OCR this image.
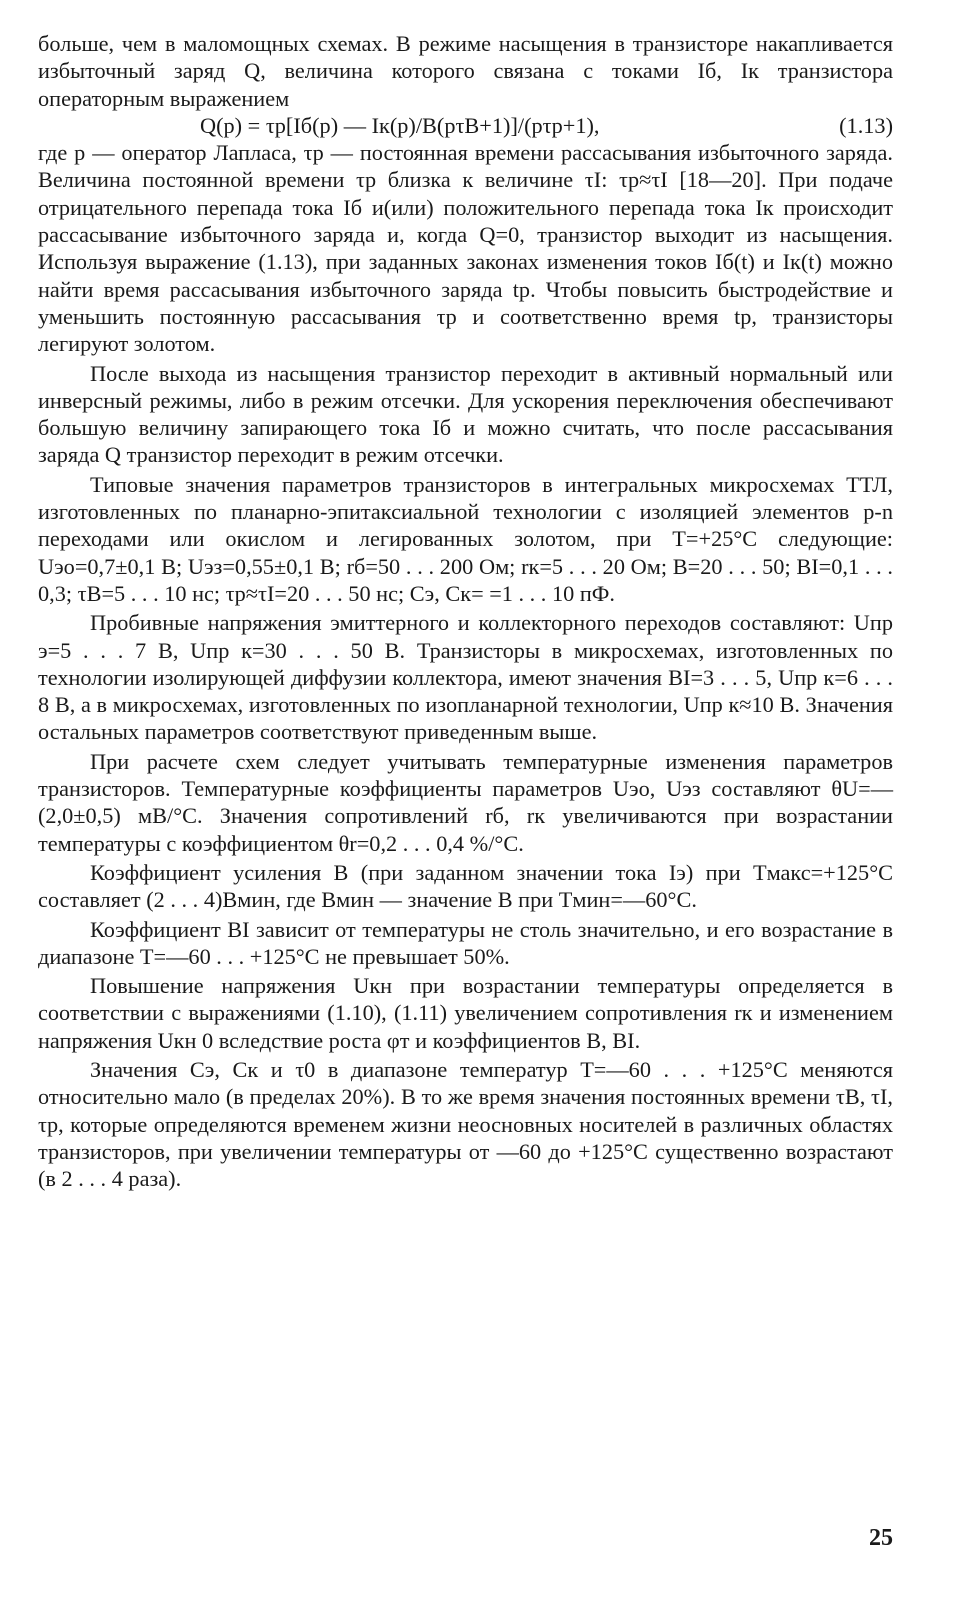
больше, чем в маломощных схемах. В режиме насыщения в транзисторе накапливается избыточный заряд Q, величина которого связана с токами Iб, Iк транзистора операторным выражением

Q(p) = τр[Iб(p) — Iк(p)/B(pτB+1)]/(pτр+1),	(1.13)

где p — оператор Лапласа, τр — постоянная времени рассасывания избыточного заряда. Величина постоянной времени τр близка к величине τI: τр≈τI [18—20]. При подаче отрицательного перепада тока Iб и(или) положительного перепада тока Iк происходит рассасывание избыточного заряда и, когда Q=0, транзистор выходит из насыщения. Используя выражение (1.13), при заданных законах изменения токов Iб(t) и Iк(t) можно найти время рассасывания избыточного заряда tр. Чтобы повысить быстродействие и уменьшить постоянную рассасывания τр и соответственно время tр, транзисторы легируют золотом.

После выхода из насыщения транзистор переходит в активный нормальный или инверсный режимы, либо в режим отсечки. Для ускорения переключения обеспечивают большую величину запирающего тока Iб и можно считать, что после рассасывания заряда Q транзистор переходит в режим отсечки.

Типовые значения параметров транзисторов в интегральных микросхемах ТТЛ, изготовленных по планарно-эпитаксиальной технологии с изоляцией элементов p-n переходами или окислом и легированных золотом, при T=+25°C следующие: Uэо=0,7±0,1 В; Uэз=0,55±0,1 В; rб=50 . . . 200 Ом; rк=5 . . . 20 Ом; B=20 . . . 50; BI=0,1 . . . 0,3; τB=5 . . . 10 нс; τр≈τI=20 . . . 50 нс; Cэ, Cк= =1 . . . 10 пФ.

Пробивные напряжения эмиттерного и коллекторного переходов составляют: Uпр э=5 . . . 7 В, Uпр к=30 . . . 50 В. Транзисторы в микросхемах, изготовленных по технологии изолирующей диффузии коллектора, имеют значения BI=3 . . . 5, Uпр к=6 . . . 8 В, а в микросхемах, изготовленных по изопланарной технологии, Uпр к≈10 В. Значения остальных параметров соответствуют приведенным выше.

При расчете схем следует учитывать температурные изменения параметров транзисторов. Температурные коэффициенты параметров Uэо, Uэз составляют θU=—(2,0±0,5) мВ/°C. Значения сопротивлений rб, rк увеличиваются при возрастании температуры с коэффициентом θr=0,2 . . . 0,4 %/°C.

Коэффициент усиления B (при заданном значении тока Iэ) при Tмакс=+125°C составляет (2 . . . 4)Bмин, где Bмин — значение B при Tмин=—60°C.

Коэффициент BI зависит от температуры не столь значительно, и его возрастание в диапазоне T=—60 . . . +125°C не превышает 50%.

Повышение напряжения Uкн при возрастании температуры определяется в соответствии с выражениями (1.10), (1.11) увеличением сопротивления rк и изменением напряжения Uкн 0 вследствие роста φт и коэффициентов B, BI.

Значения Cэ, Cк и τ0 в диапазоне температур T=—60 . . . +125°C меняются относительно мало (в пределах 20%). В то же время значения постоянных времени τB, τI, τр, которые определяются временем жизни неосновных носителей в различных областях транзисторов, при увеличении температуры от —60 до +125°C существенно возрастают (в 2 . . . 4 раза).

25
